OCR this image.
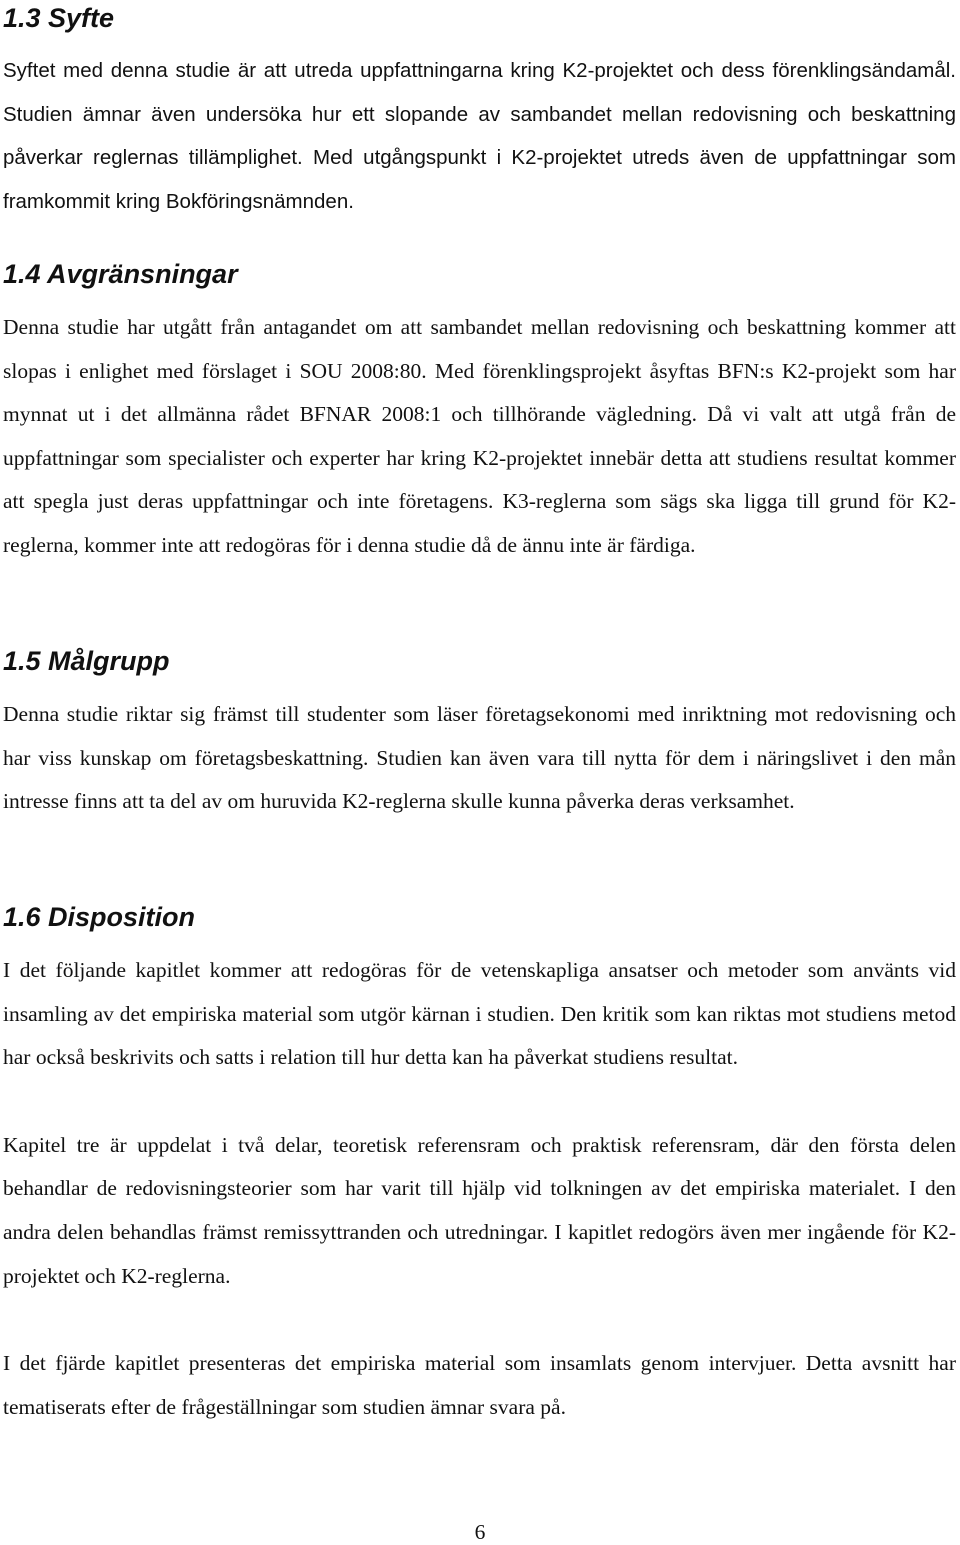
1.3 Syfte

Syftet med denna studie är att utreda uppfattningarna kring K2-projektet och dess förenklingsändamål. Studien ämnar även undersöka hur ett slopande av sambandet mellan redovisning och beskattning påverkar reglernas tillämplighet. Med utgångspunkt i K2-projektet utreds även de uppfattningar som framkommit kring Bokföringsnämnden.

1.4 Avgränsningar

Denna studie har utgått från antagandet om att sambandet mellan redovisning och beskattning kommer att slopas i enlighet med förslaget i SOU 2008:80. Med förenklingsprojekt åsyftas BFN:s K2-projekt som har mynnat ut i det allmänna rådet BFNAR 2008:1 och tillhörande vägledning. Då vi valt att utgå från de uppfattningar som specialister och experter har kring K2-projektet innebär detta att studiens resultat kommer att spegla just deras uppfattningar och inte företagens. K3-reglerna som sägs ska ligga till grund för K2-reglerna, kommer inte att redogöras för i denna studie då de ännu inte är färdiga.

1.5 Målgrupp

Denna studie riktar sig främst till studenter som läser företagsekonomi med inriktning mot redovisning och har viss kunskap om företagsbeskattning. Studien kan även vara till nytta för dem i näringslivet i den mån intresse finns att ta del av om huruvida K2-reglerna skulle kunna påverka deras verksamhet.

1.6 Disposition

I det följande kapitlet kommer att redogöras för de vetenskapliga ansatser och metoder som använts vid insamling av det empiriska material som utgör kärnan i studien. Den kritik som kan riktas mot studiens metod har också beskrivits och satts i relation till hur detta kan ha påverkat studiens resultat.

Kapitel tre är uppdelat i två delar, teoretisk referensram och praktisk referensram, där den första delen behandlar de redovisningsteorier som har varit till hjälp vid tolkningen av det empiriska materialet. I den andra delen behandlas främst remissyttranden och utredningar. I kapitlet redogörs även mer ingående för K2-projektet och K2-reglerna.

I det fjärde kapitlet presenteras det empiriska material som insamlats genom intervjuer. Detta avsnitt har tematiserats efter de frågeställningar som studien ämnar svara på.

6
